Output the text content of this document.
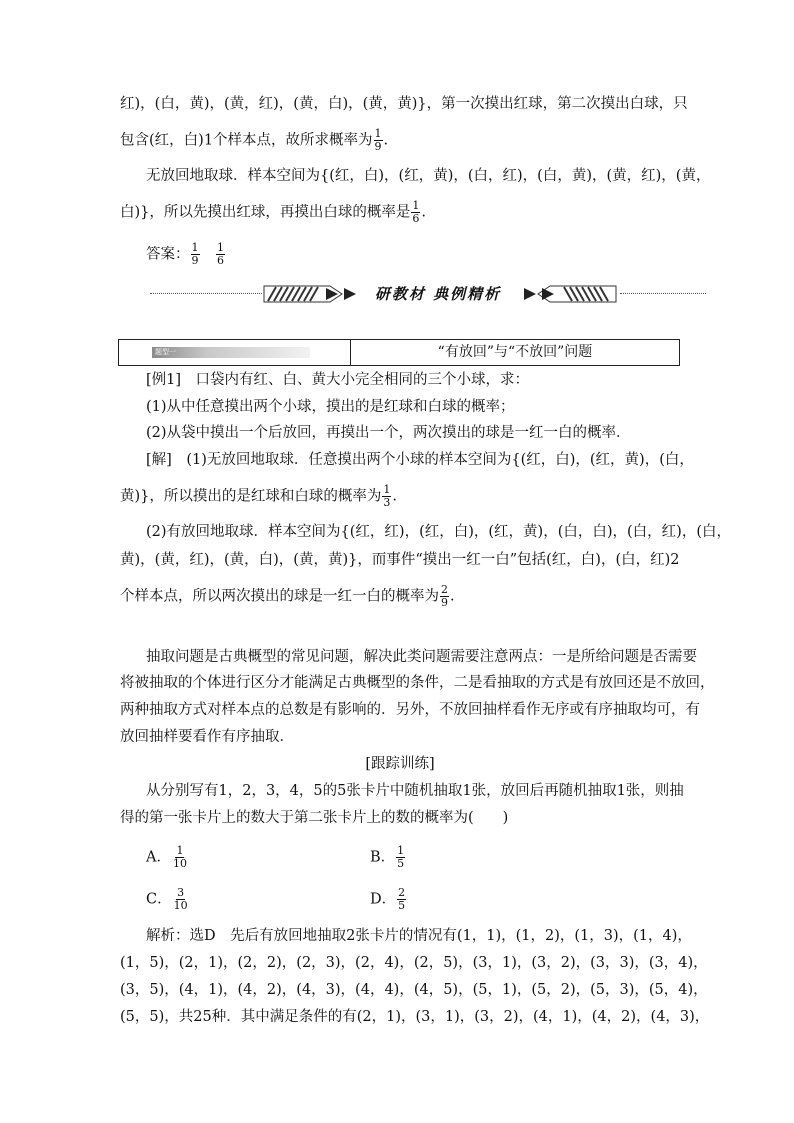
红)，(白，黄)，(黄，红)，(黄，白)，(黄，黄)}，第一次摸出红球，第二次摸出白球，只
包含(红，白)1个样本点，故所求概率为 $\frac{1}{9}$ .
无放回地取球．样本空间为{(红，白)，(红，黄)，(白，红)，(白，黄)，(黄，红)，(黄，
白)}，所以先摸出红球，再摸出白球的概率是 $\frac{1}{6}$ .
答案： $\frac{1}{9}$
  $\frac{1}{6}$
研教材 典例精析
题型一	“有放回”与“不放回”问题
[例1]　口袋内有红、白、黄大小完全相同的三个小球，求：
(1)从中任意摸出两个小球，摸出的是红球和白球的概率；
(2)从袋中摸出一个后放回，再摸出一个，两次摸出的球是一红一白的概率．
[解]　(1)无放回地取球．任意摸出两个小球的样本空间为{(红，白)，(红，黄)，(白，
黄)}，所以摸出的是红球和白球的概率为 $\frac{1}{3}$ .
(2)有放回地取球．样本空间为{(红，红)，(红，白)，(红，黄)，(白，白)，(白，红)，(白，
黄)，(黄，红)，(黄，白)，(黄，黄)}，而事件“摸出一红一白”包括(红，白)，(白，红)2
个样本点，所以两次摸出的球是一红一白的概率为 $\frac{2}{9}$ .
抽取问题是古典概型的常见问题，解决此类问题需要注意两点：一是所给问题是否需要
将被抽取的个体进行区分才能满足古典概型的条件，二是看抽取的方式是有放回还是不放回，
两种抽取方式对样本点的总数是有影响的．另外，不放回抽样看作无序或有序抽取均可，有
放回抽样要看作有序抽取．
[跟踪训练]
从分别写有1，2，3，4，5的5张卡片中随机抽取1张，放回后再随机抽取1张，则抽
得的第一张卡片上的数大于第二张卡片上的数的概率为(　　)
A． $\frac{1}{10}$	B． $\frac{1}{5}$
C． $\frac{3}{10}$	D． $\frac{2}{5}$
解析：选D　先后有放回地抽取2张卡片的情况有(1，1)，(1，2)，(1，3)，(1，4)，
(1，5)，(2，1)，(2，2)，(2，3)，(2，4)，(2，5)，(3，1)，(3，2)，(3，3)，(3，4)，
(3，5)，(4，1)，(4，2)，(4，3)，(4，4)，(4，5)，(5，1)，(5，2)，(5，3)，(5，4)，
(5，5)，共25种．其中满足条件的有(2，1)，(3，1)，(3，2)，(4，1)，(4，2)，(4，3)，
